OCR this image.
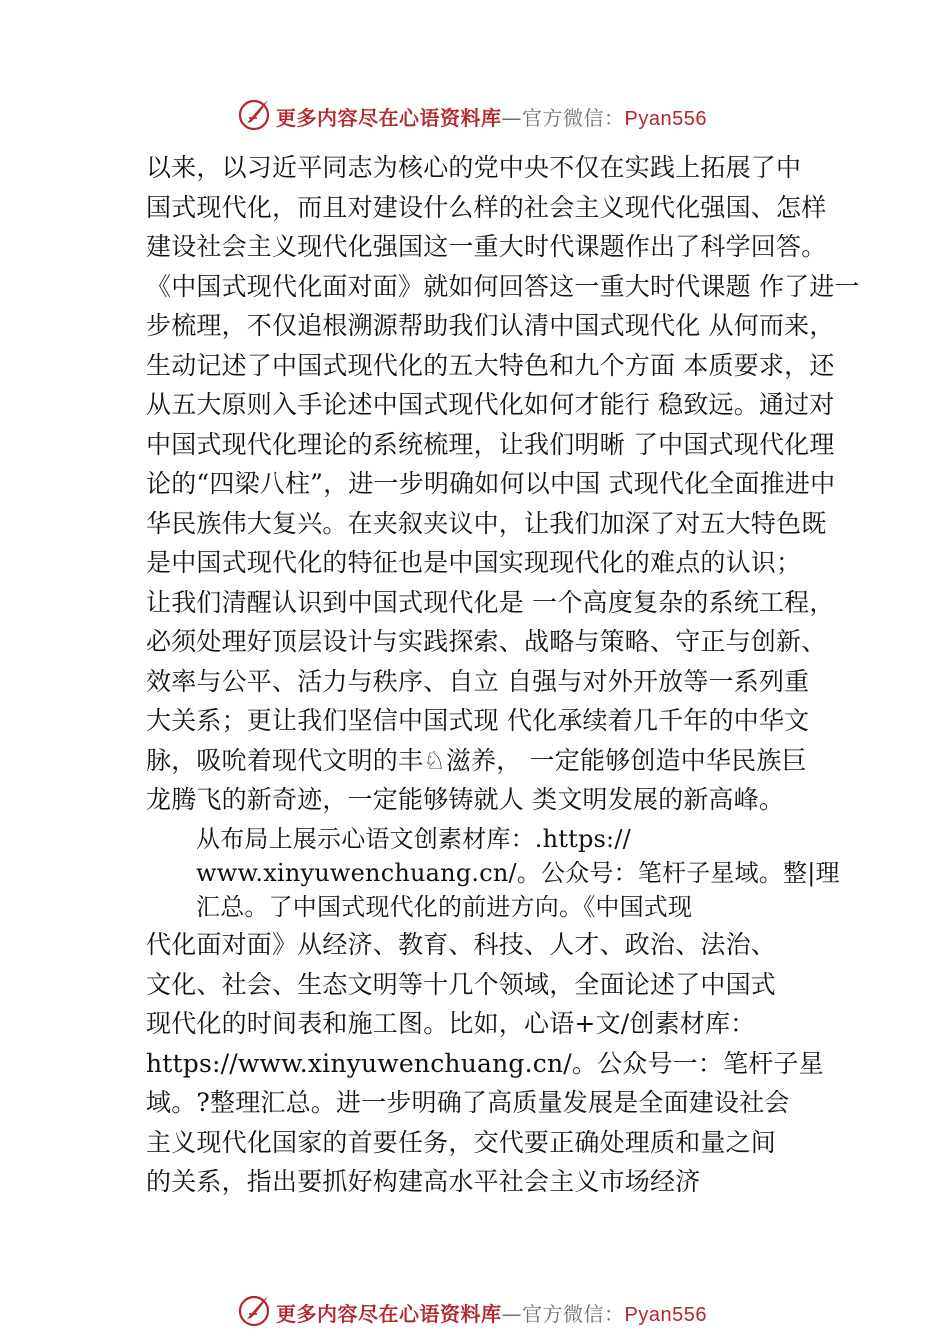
更多内容尽在心语资料库—官方微信：Pyan556
以来，以习近平同志为核心的党中央不仅在实践上拓展了中
国式现代化，而且对建设什么样的社会主义现代化强国、怎样
建设社会主义现代化强国这一重大时代课题作出了科学回答。
《中国式现代化面对面》就如何回答这一重大时代课题 作了进一
步梳理，不仅追根溯源帮助我们认清中国式现代化 从何而来，
生动记述了中国式现代化的五大特色和九个方面 本质要求，还
从五大原则入手论述中国式现代化如何才能行 稳致远。通过对
中国式现代化理论的系统梳理，让我们明晰 了中国式现代化理
论的“四梁八柱”，进一步明确如何以中国 式现代化全面推进中
华民族伟大复兴。在夹叙夹议中，让我们加深了对五大特色既
是中国式现代化的特征也是中国实现现代化的难点的认识；
让我们清醒认识到中国式现代化是 一个高度复杂的系统工程，
必须处理好顶层设计与实践探索、战略与策略、守正与创新、
效率与公平、活力与秩序、自立 自强与对外开放等一系列重
大关系；更让我们坚信中国式现 代化承续着几千年的中华文
脉，吸吮着现代文明的丰♘滋养， 一定能够创造中华民族巨
龙腾飞的新奇迹，一定能够铸就人 类文明发展的新高峰。
从布局上展示心语文创素材库：.https://
www.xinyuwenchuang.cn/。公众号：笔杆子星域。整|理
汇总。了中国式现代化的前进方向。《中国式现
代化面对面》从经济、教育、科技、人才、政治、法治、
文化、社会、生态文明等十几个领域，全面论述了中国式
现代化的时间表和施工图。比如，心语+文/创素材库：
https://www.xinyuwenchuang.cn/。公众号一：笔杆子星
域。?整理汇总。进一步明确了高质量发展是全面建设社会
主义现代化国家的首要任务，交代要正确处理质和量之间
的关系，指出要抓好构建高水平社会主义市场经济
更多内容尽在心语资料库—官方微信：Pyan556
